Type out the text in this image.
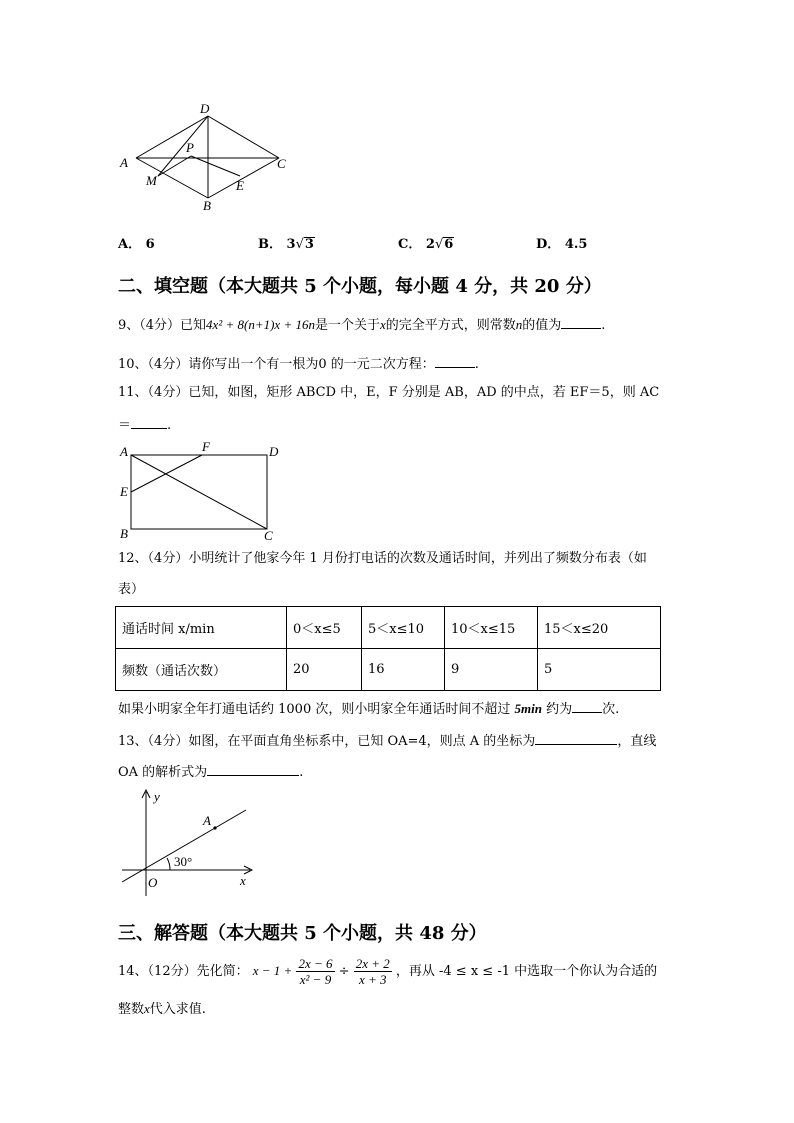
D
P
A	C
M	E
B
A． 6	B． 3√3	C． 2√6	D． 4.5
二、填空题（本大题共 5 个小题，每小题 4 分，共 20 分）
9、（4分）已知4x² + 8(n+1)x + 16n是一个关于x的完全平方式，则常数n的值为	.
10、（4分）请你写出一个有一根为0 的一元二次方程：	.
11、（4分）已知，如图，矩形 ABCD 中，E，F 分别是 AB，AD 的中点，若 EF＝5，则 AC
＝	.
A	F	D
E
B	C
12、（4分）小明统计了他家今年 1 月份打电话的次数及通话时间，并列出了频数分布表（如
表）
通话时间 x/min	0＜x≤5	5＜x≤10	10＜x≤15	15＜x≤20
频数（通话次数）	20	16	9	5
如果小明家全年打通电话约 1000 次，则小明家全年通话时间不超过 5min 约为 次.
13、（4分）如图，在平面直角坐标系中，已知 OA=4，则点 A 的坐标为	，直线
OA 的解析式为	.
y
A
30°
O	x
三、解答题（本大题共 5 个小题，共 48 分）
14、（12分）先化简： $x - 1 + \frac{2x - 6}{\text{x² − 9}} \div \frac{2x + 2}{x + 3}$ ，再从 -4 ≤ x ≤ -1 中选取一个你认为合适的
整数x代入求值.
